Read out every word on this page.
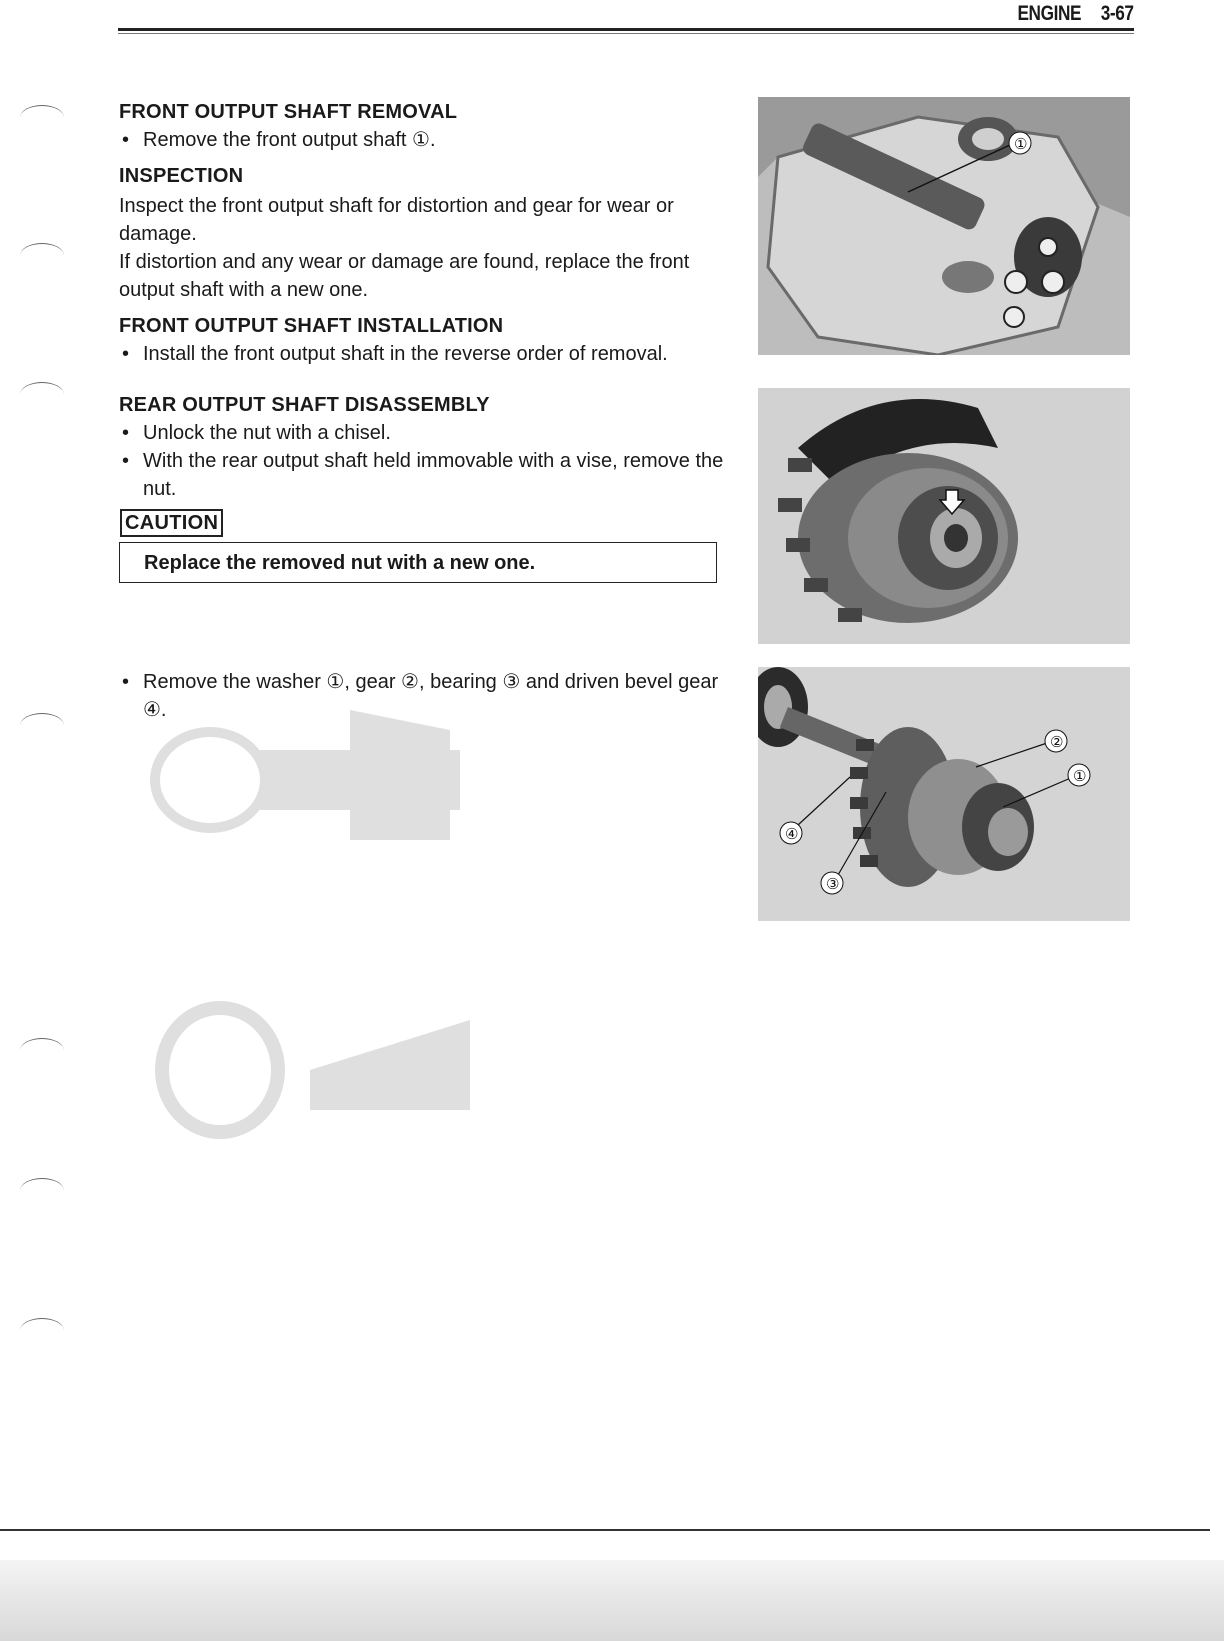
ENGINE 3-67
FRONT OUTPUT SHAFT REMOVAL

• Remove the front output shaft ①.

INSPECTION

Inspect the front output shaft for distortion and gear for wear or damage.

If distortion and any wear or damage are found, replace the front output shaft with a new one.

FRONT OUTPUT SHAFT INSTALLATION

• Install the front output shaft in the reverse order of removal.

REAR OUTPUT SHAFT DISASSEMBLY

• Unlock the nut with a chisel.

• With the rear output shaft held immovable with a vise, remove the nut.

CAUTION

Replace the removed nut with a new one.

• Remove the washer ①, gear ②, bearing ③ and driven bevel gear ④.

①
①
②
③
④
